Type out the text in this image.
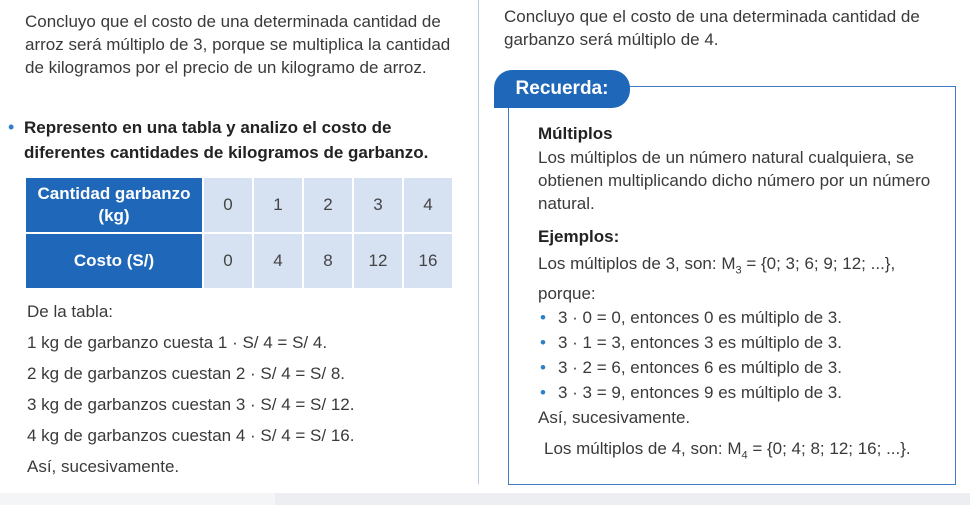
Concluyo que el costo de una determinada cantidad de arroz será múltiplo de 3, porque se multiplica la cantidad de kilogramos por el precio de un kilogramo de arroz.

• Represento en una tabla y analizo el costo de diferentes cantidades de kilogramos de garbanzo.
Cantidad garbanzo (kg)	0	1	2	3	4
Costo (S/)	0	4	8	12	16

De la tabla:

1 kg de garbanzo cuesta 1 · S/ 4 = S/ 4.

2 kg de garbanzos cuestan 2 · S/ 4 = S/ 8.

3 kg de garbanzos cuestan 3 · S/ 4 = S/ 12.

4 kg de garbanzos cuestan 4 · S/ 4 = S/ 16.

Así, sucesivamente.

Concluyo que el costo de una determinada cantidad de garbanzo será múltiplo de 4.

Recuerda:

Múltiplos

Los múltiplos de un número natural cualquiera, se obtienen multiplicando dicho número por un número natural.

Ejemplos:

Los múltiplos de 3, son: $M_3 = \{0$; 3; 6; 9; 12; ...},

porque:

• 3 · 0 = 0, entonces 0 es múltiplo de 3.
• 3 · 1 = 3, entonces 3 es múltiplo de 3.
• 3 · 2 = 6, entonces 6 es múltiplo de 3.
• 3 · 3 = 9, entonces 9 es múltiplo de 3.

Así, sucesivamente.

Los múltiplos de 4, son: $M_4 = \{0$; 4; 8; 12; 16; ...}.
